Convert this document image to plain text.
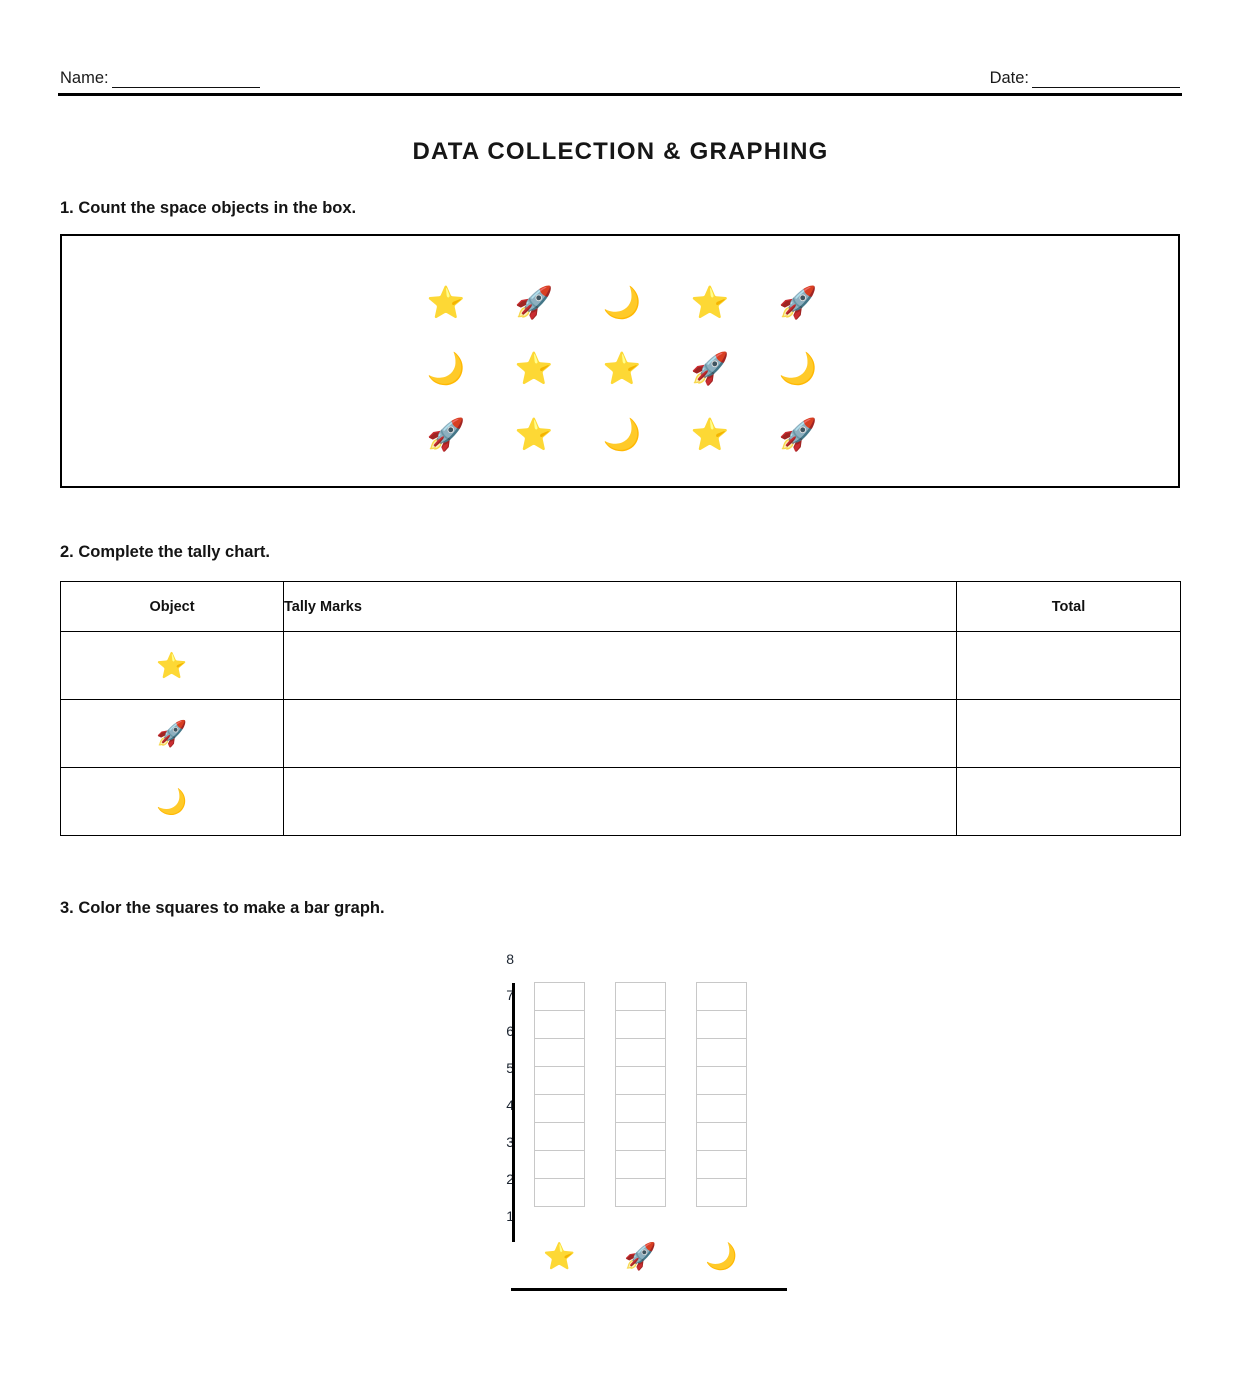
Name:	Date:
DATA COLLECTION & GRAPHING
1. Count the space objects in the box.
⭐	🚀	🌙	⭐	🚀
🌙	⭐	⭐	🚀	🌙
🚀	⭐	🌙	⭐	🚀
2. Complete the tally chart.
Object	Tally Marks	Total
⭐		
🚀		
🌙		
3. Color the squares to make a bar graph.
8
7
6
5
4
3
2
1
⭐	🚀	🌙
